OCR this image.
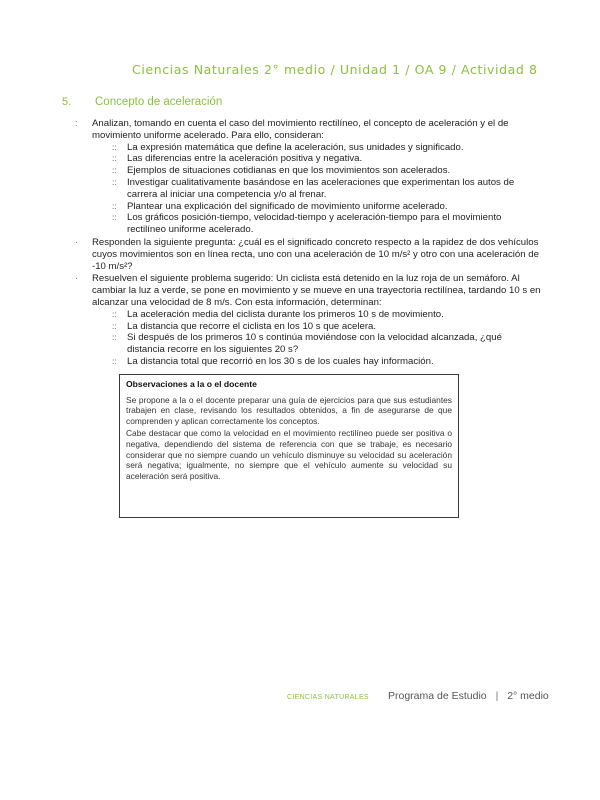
Ciencias Naturales 2° medio / Unidad 1 / OA 9 / Actividad 8
5. Concepto de aceleración
: Analizan, tomando en cuenta el caso del movimiento rectilíneo, el concepto de aceleración y el de movimiento uniforme acelerado. Para ello, consideran:
:: La expresión matemática que define la aceleración, sus unidades y significado.
:: Las diferencias entre la aceleración positiva y negativa.
:: Ejemplos de situaciones cotidianas en que los movimientos son acelerados.
:: Investigar cualitativamente basándose en las aceleraciones que experimentan los autos de carrera al iniciar una competencia y/o al frenar.
:: Plantear una explicación del significado de movimiento uniforme acelerado.
:: Los gráficos posición-tiempo, velocidad-tiempo y aceleración-tiempo para el movimiento rectilíneo uniforme acelerado.
· Responden la siguiente pregunta: ¿cuál es el significado concreto respecto a la rapidez de dos vehículos cuyos movimientos son en línea recta, uno con una aceleración de 10 m/s² y otro con una aceleración de -10 m/s²?
· Resuelven el siguiente problema sugerido: Un ciclista está detenido en la luz roja de un semáforo. Al cambiar la luz a verde, se pone en movimiento y se mueve en una trayectoria rectilínea, tardando 10 s en alcanzar una velocidad de 8 m/s. Con esta información, determinan:
:: La aceleración media del ciclista durante los primeros 10 s de movimiento.
:: La distancia que recorre el ciclista en los 10 s que acelera.
:: Si después de los primeros 10 s continúa moviéndose con la velocidad alcanzada, ¿qué distancia recorre en los siguientes 20 s?
:: La distancia total que recorrió en los 30 s de los cuales hay información.
Observaciones a la o el docente

Se propone a la o el docente preparar una guía de ejercicios para que sus estudiantes trabajen en clase, revisando los resultados obtenidos, a fin de asegurarse de que comprenden y aplican correctamente los conceptos.

Cabe destacar que como la velocidad en el movimiento rectilíneo puede ser positiva o negativa, dependiendo del sistema de referencia con que se trabaje, es necesario considerar que no siempre cuando un vehículo disminuye su velocidad su aceleración será negativa; igualmente, no siempre que el vehículo aumente su velocidad su aceleración será positiva.

CIENCIAS NATURALES Programa de Estudio | 2° medio
